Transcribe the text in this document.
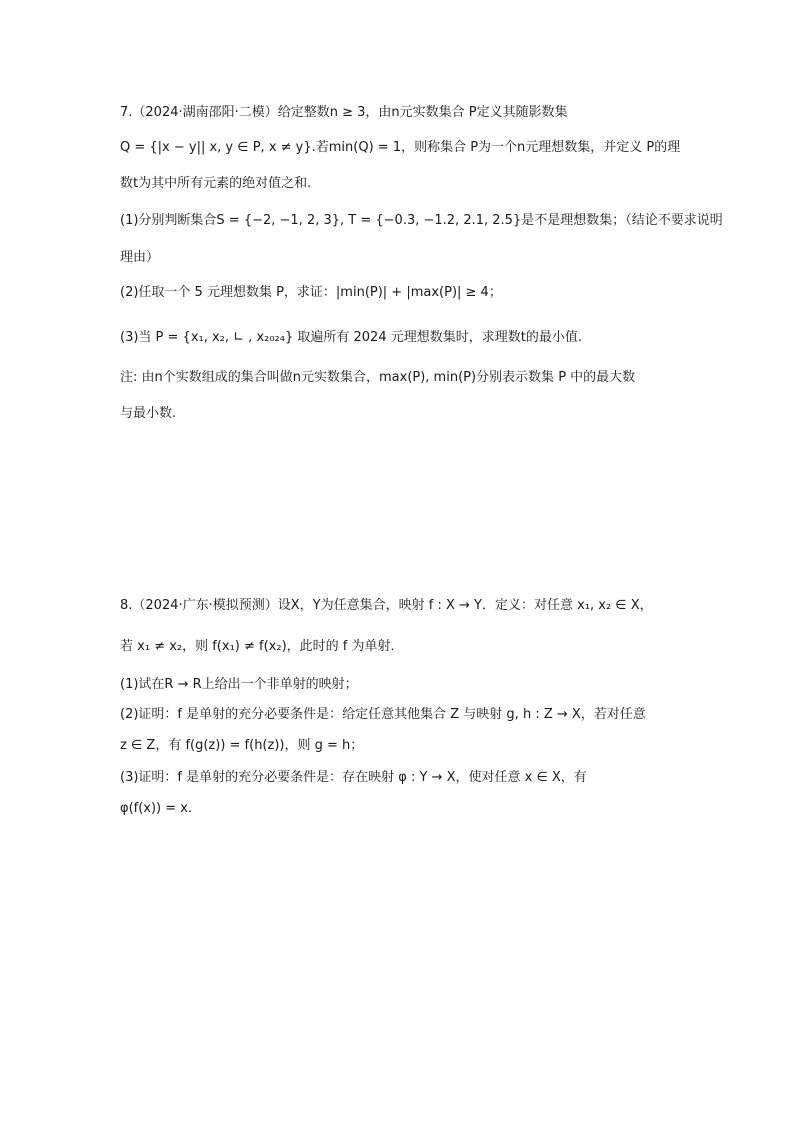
7.（2024·湖南邵阳·二模）给定整数n ≥ 3，由n元实数集合 P定义其随影数集
Q = {|x − y|| x, y ∈ P, x ≠ y}.若min(Q) = 1，则称集合 P为一个n元理想数集，并定义 P的理
数t为其中所有元素的绝对值之和.
(1)分别判断集合S = {−2, −1, 2, 3}, T = {−0.3, −1.2, 2.1, 2.5}是不是理想数集；（结论不要求说明
理由）
(2)任取一个 5 元理想数集 P，求证：|min(P)| + |max(P)| ≥ 4；
(3)当 P = {x₁, x₂, ∟ , x₂₀₂₄} 取遍所有 2024 元理想数集时，求理数t的最小值.
注: 由n个实数组成的集合叫做n元实数集合，max(P), min(P)分别表示数集 P 中的最大数
与最小数.
8.（2024·广东·模拟预测）设X，Y为任意集合，映射 f : X → Y．定义：对任意 x₁, x₂ ∈ X，
若 x₁ ≠ x₂，则 f(x₁) ≠ f(x₂)，此时的 f 为单射．
(1)试在R → R上给出一个非单射的映射；
(2)证明：f 是单射的充分必要条件是：给定任意其他集合 Z 与映射 g, h : Z → X，若对任意
z ∈ Z，有 f(g(z)) = f(h(z))，则 g = h；
(3)证明：f 是单射的充分必要条件是：存在映射 φ : Y → X，使对任意 x ∈ X，有
φ(f(x)) = x．
